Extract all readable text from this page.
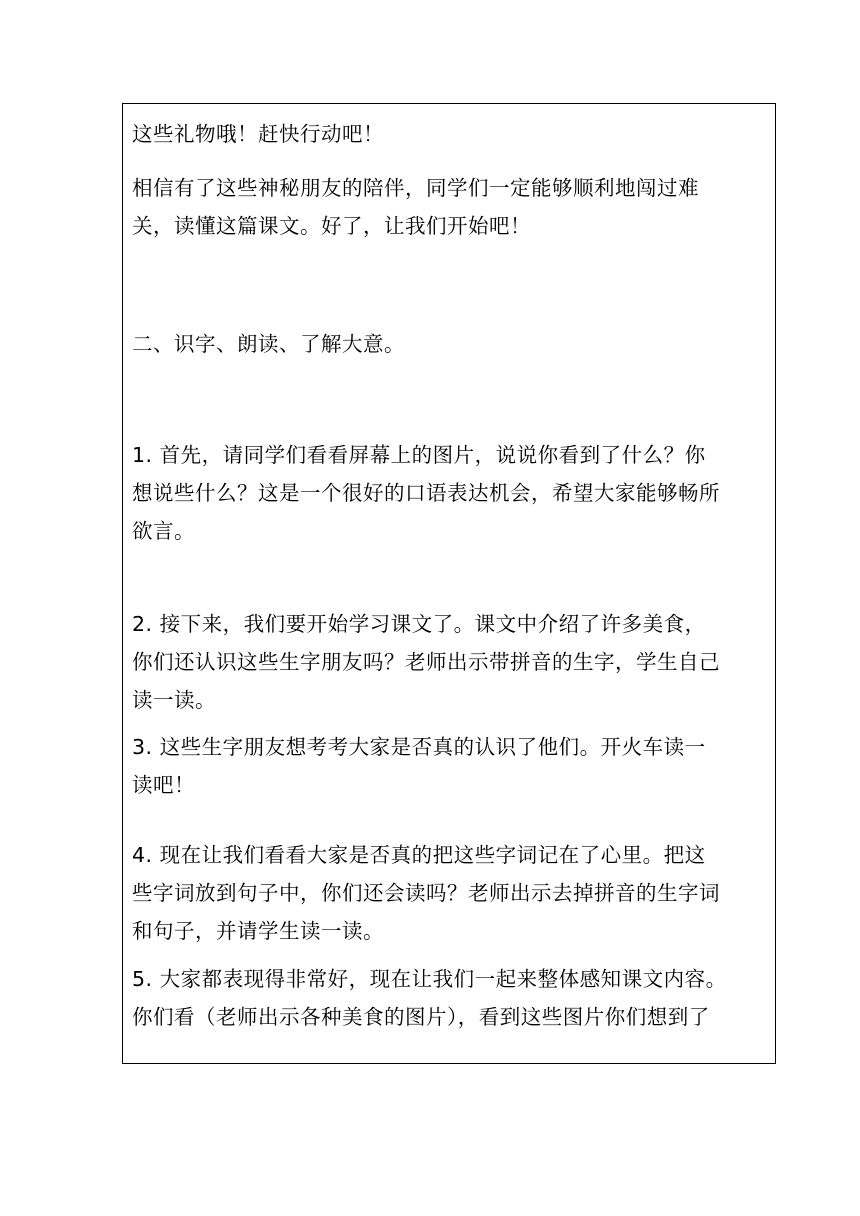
这些礼物哦！赶快行动吧！
相信有了这些神秘朋友的陪伴，同学们一定能够顺利地闯过难
关，读懂这篇课文。好了，让我们开始吧！
二、识字、朗读、了解大意。
1. 首先，请同学们看看屏幕上的图片，说说你看到了什么？你
想说些什么？这是一个很好的口语表达机会，希望大家能够畅所
欲言。
2. 接下来，我们要开始学习课文了。课文中介绍了许多美食，
你们还认识这些生字朋友吗？老师出示带拼音的生字，学生自己
读一读。
3. 这些生字朋友想考考大家是否真的认识了他们。开火车读一
读吧！
4. 现在让我们看看大家是否真的把这些字词记在了心里。把这
些字词放到句子中，你们还会读吗？老师出示去掉拼音的生字词
和句子，并请学生读一读。
5. 大家都表现得非常好，现在让我们一起来整体感知课文内容。
你们看（老师出示各种美食的图片），看到这些图片你们想到了
